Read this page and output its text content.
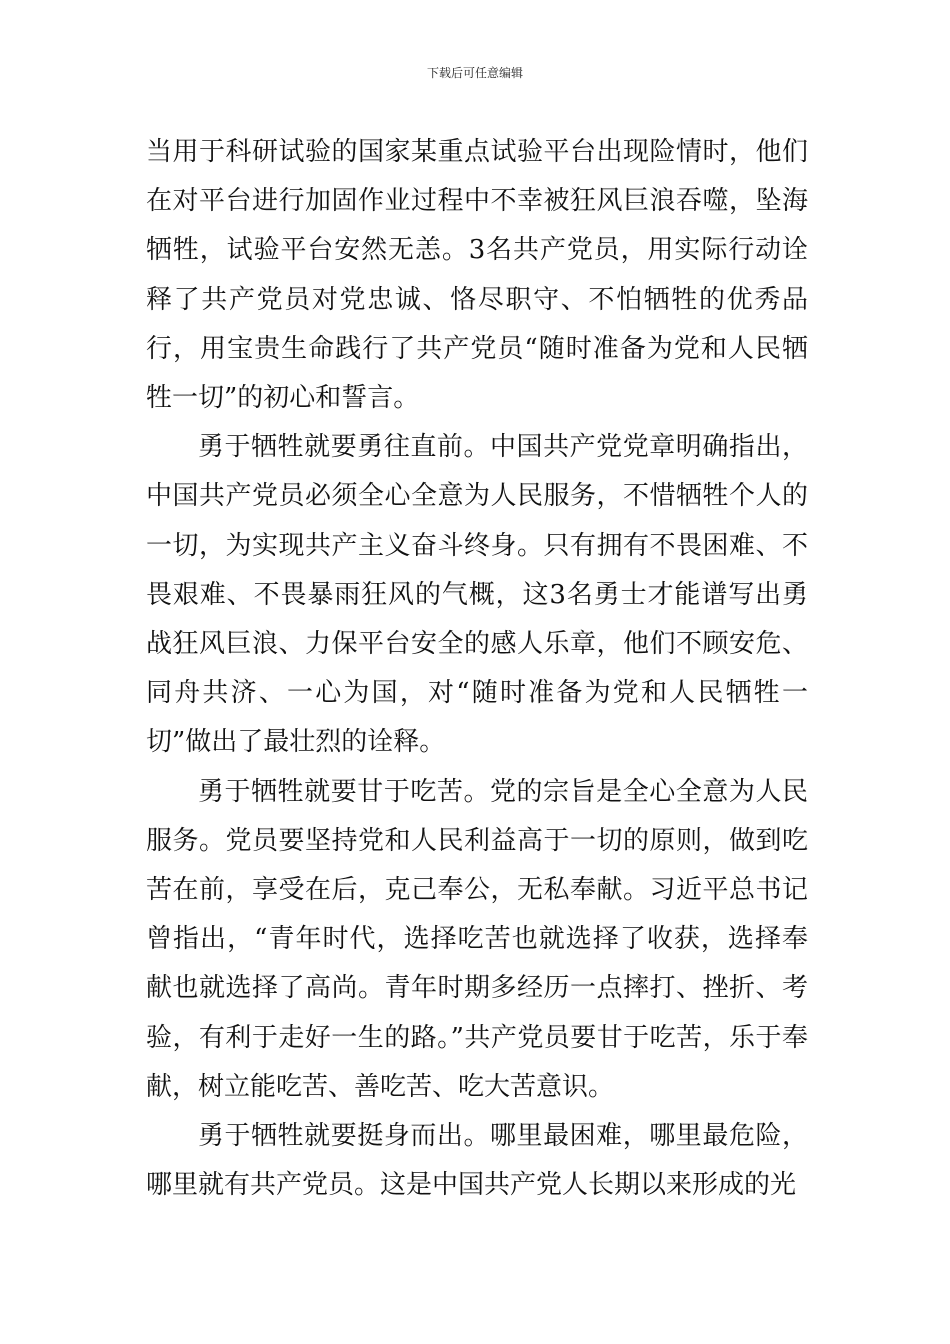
下载后可任意编辑

当用于科研试验的国家某重点试验平台出现险情时，他们在对平台进行加固作业过程中不幸被狂风巨浪吞噬，坠海牺牲，试验平台安然无恙。3名共产党员，用实际行动诠释了共产党员对党忠诚、恪尽职守、不怕牺牲的优秀品行，用宝贵生命践行了共产党员“随时准备为党和人民牺牲一切”的初心和誓言。

勇于牺牲就要勇往直前。中国共产党党章明确指出，中国共产党员必须全心全意为人民服务，不惜牺牲个人的一切，为实现共产主义奋斗终身。只有拥有不畏困难、不畏艰难、不畏暴雨狂风的气概，这3名勇士才能谱写出勇战狂风巨浪、力保平台安全的感人乐章，他们不顾安危、同舟共济、一心为国，对“随时准备为党和人民牺牲一切”做出了最壮烈的诠释。

勇于牺牲就要甘于吃苦。党的宗旨是全心全意为人民服务。党员要坚持党和人民利益高于一切的原则，做到吃苦在前，享受在后，克己奉公，无私奉献。习近平总书记曾指出，“青年时代，选择吃苦也就选择了收获，选择奉献也就选择了高尚。青年时期多经历一点摔打、挫折、考验，有利于走好一生的路。”共产党员要甘于吃苦，乐于奉献，树立能吃苦、善吃苦、吃大苦意识。

勇于牺牲就要挺身而出。哪里最困难，哪里最危险，哪里就有共产党员。这是中国共产党人长期以来形成的光
